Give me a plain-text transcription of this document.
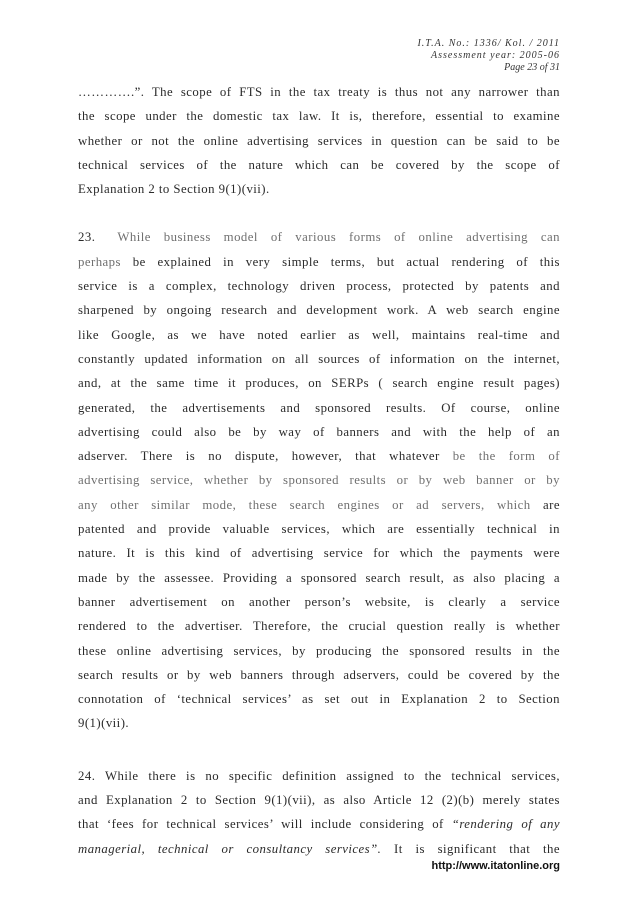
I.T.A. No.: 1336/ Kol. / 2011
Assessment year: 2005-06
Page 23 of 31
………….”. The scope of FTS in the tax treaty is thus not any narrower than
the scope under the domestic tax law. It is, therefore, essential to examine
whether or not the online advertising services in question can be said to be
technical services of the nature which can be covered by the scope of
Explanation 2 to Section 9(1)(vii).
23. While business model of various forms of online advertising can
perhaps be explained in very simple terms, but actual rendering of this
service is a complex, technology driven process, protected by patents and
sharpened by ongoing research and development work. A web search engine
like Google, as we have noted earlier as well, maintains real-time and
constantly updated information on all sources of information on the internet,
and, at the same time it produces, on SERPs ( search engine result pages)
generated, the advertisements and sponsored results. Of course, online
advertising could also be by way of banners and with the help of an
adserver. There is no dispute, however, that whatever be the form of
advertising service, whether by sponsored results or by web banner or by
any other similar mode, these search engines or ad servers, which are
patented and provide valuable services, which are essentially technical in
nature. It is this kind of advertising service for which the payments were
made by the assessee. Providing a sponsored search result, as also placing a
banner advertisement on another person’s website, is clearly a service
rendered to the advertiser. Therefore, the crucial question really is whether
these online advertising services, by producing the sponsored results in the
search results or by web banners through adservers, could be covered by the
connotation of ‘technical services’ as set out in Explanation 2 to Section
9(1)(vii).
24. While there is no specific definition assigned to the technical services,
and Explanation 2 to Section 9(1)(vii), as also Article 12 (2)(b) merely states
that ‘fees for technical services’ will include considering of “rendering of any
managerial, technical or consultancy services”. It is significant that the
http://www.itatonline.org
